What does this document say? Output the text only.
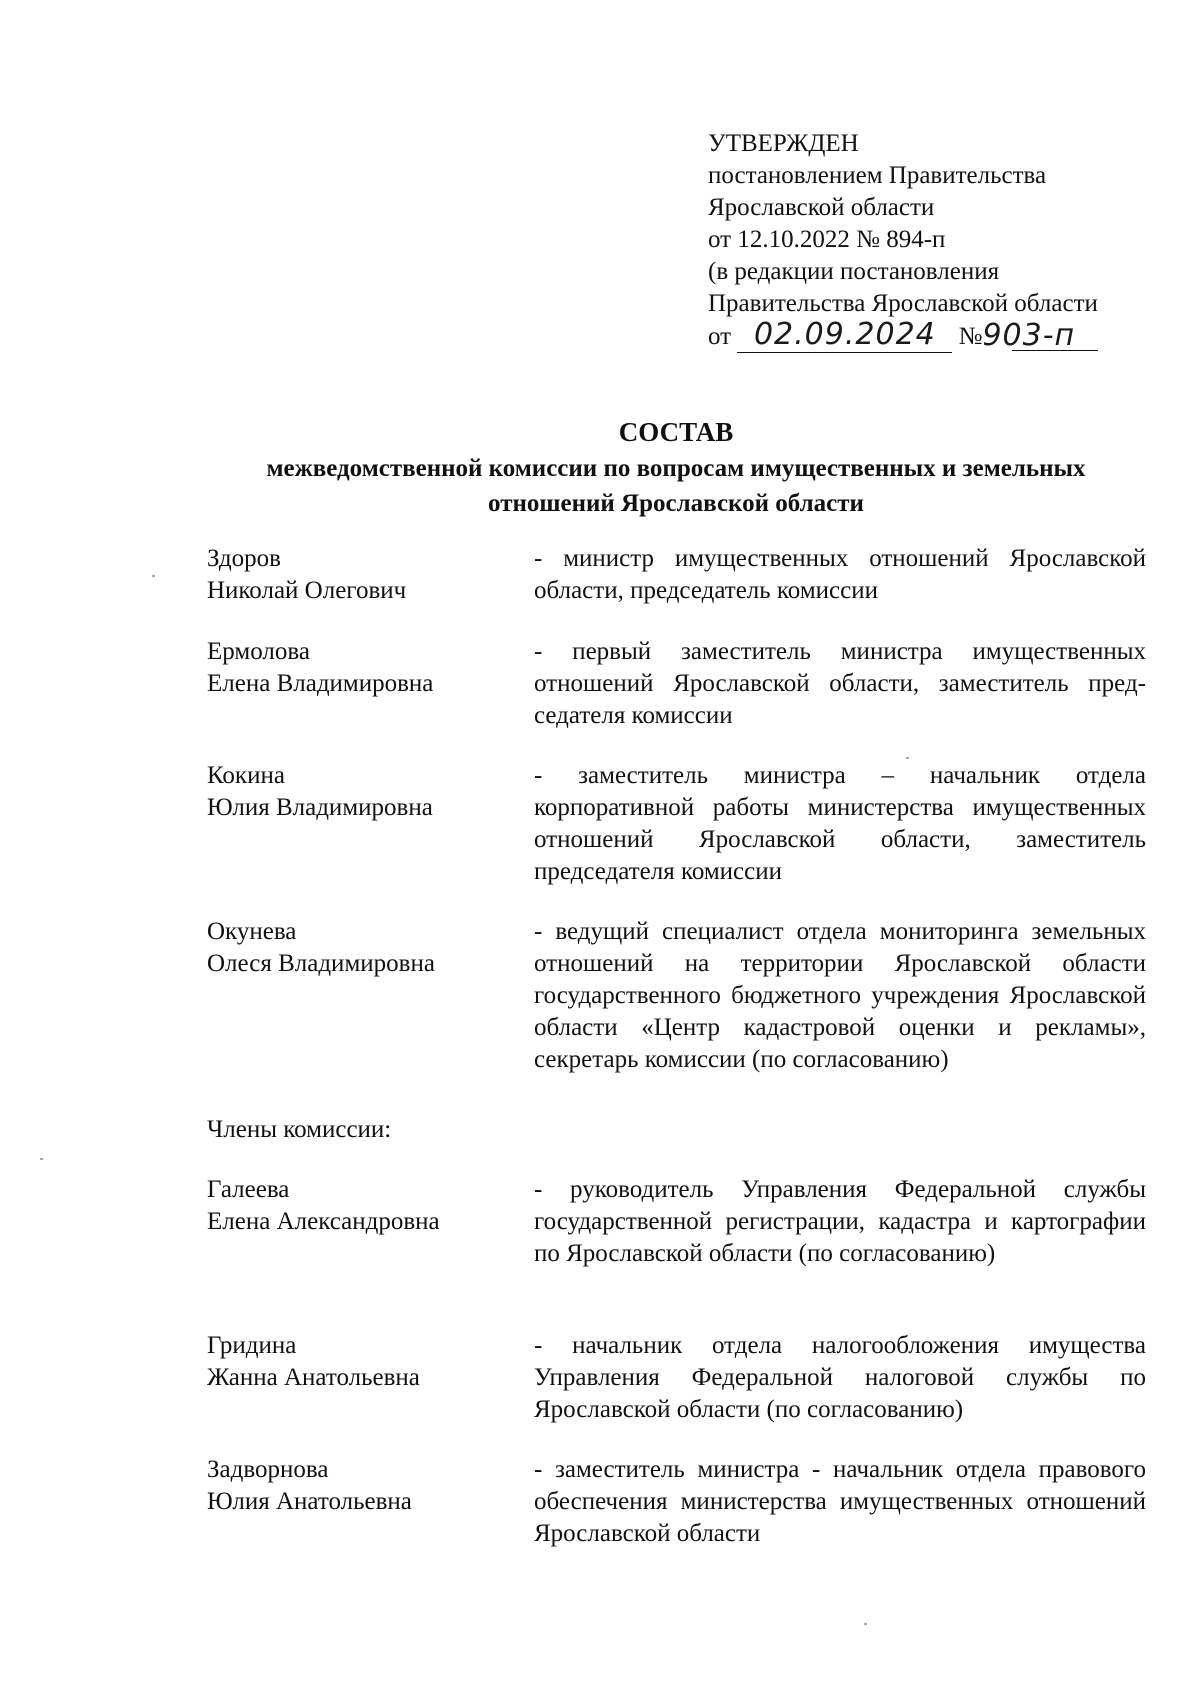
УТВЕРЖДЕН
постановлением Правительства
Ярославской области
от 12.10.2022 № 894-п
(в редакции постановления
Правительства Ярославской области
от 02.09.2024 №903-п
СОСТАВ
межведомственной комиссии по вопросам имущественных и земельных
отношений Ярославской области
Здоров
Николай Олегович
- министр имущественных отношений Ярославской области, председатель комиссии
Ермолова
Елена Владимировна
- первый заместитель министра имущественных отношений Ярославской области, заместитель председателя комиссии
Кокина
Юлия Владимировна
- заместитель министра – начальник отдела корпоративной работы министерства имущественных отношений Ярославской области, заместитель председателя комиссии
Окунева
Олеся Владимировна
- ведущий специалист отдела мониторинга земельных отношений на территории Ярославской области государственного бюджетного учреждения Ярославской области «Центр кадастровой оценки и рекламы», секретарь комиссии (по согласованию)
Члены комиссии:
Галеева
Елена Александровна
- руководитель Управления Федеральной службы государственной регистрации, кадастра и картографии по Ярославской области (по согласованию)
Гридина
Жанна Анатольевна
- начальник отдела налогообложения имущества Управления Федеральной налоговой службы по Ярославской области (по согласованию)
Задворнова
Юлия Анатольевна
- заместитель министра - начальник отдела правового обеспечения министерства имущественных отношений Ярославской области
